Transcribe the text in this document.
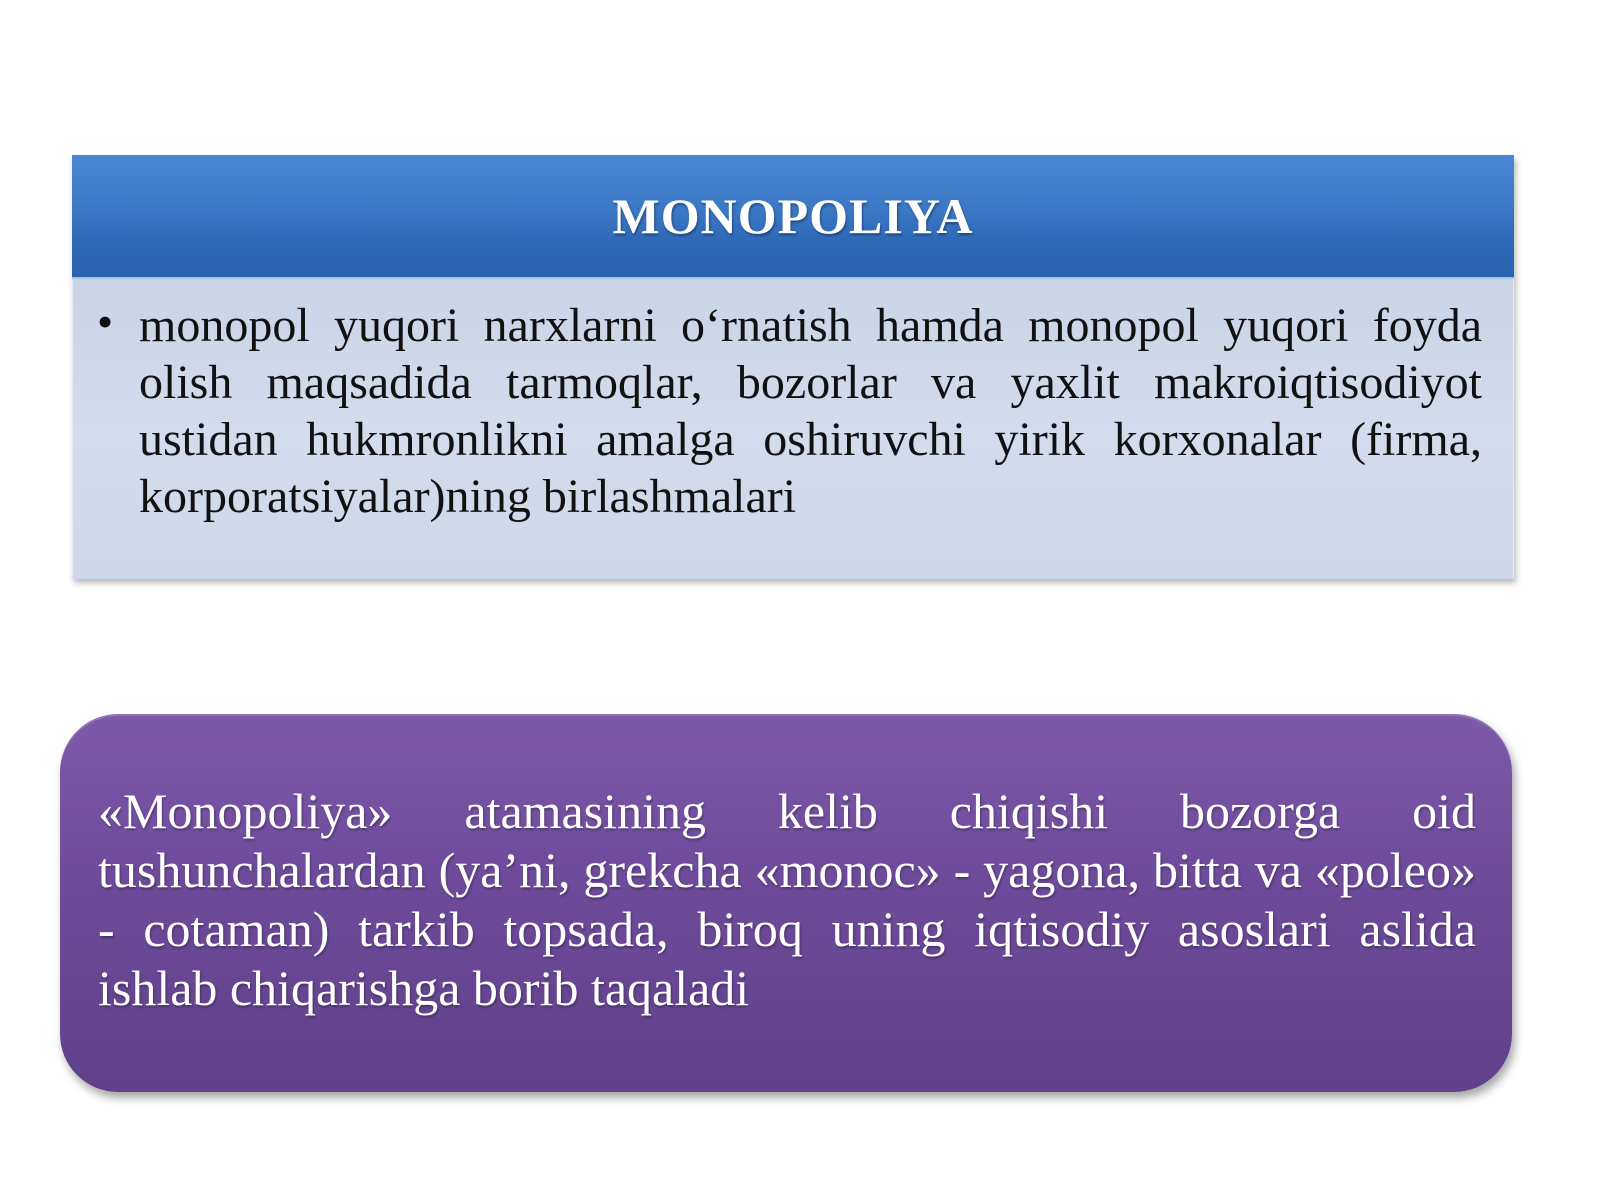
MONOPOLIYA
• monopol yuqori narxlarni o‘rnatish hamda monopol yuqori foyda olish maqsadida tarmoqlar, bozorlar va yaxlit makroiqtisodiyot ustidan hukmronlikni amalga oshiruvchi yirik korxonalar (firma, korporatsiyalar)ning birlashmalari
«Monopoliya» atamasining kelib chiqishi bozorga oid tushunchalardan (ya’ni, grekcha «monoc» - yagona, bitta va «poleo» - cotaman) tarkib topsada, biroq uning iqtisodiy asoslari aslida ishlab chiqarishga borib taqaladi
